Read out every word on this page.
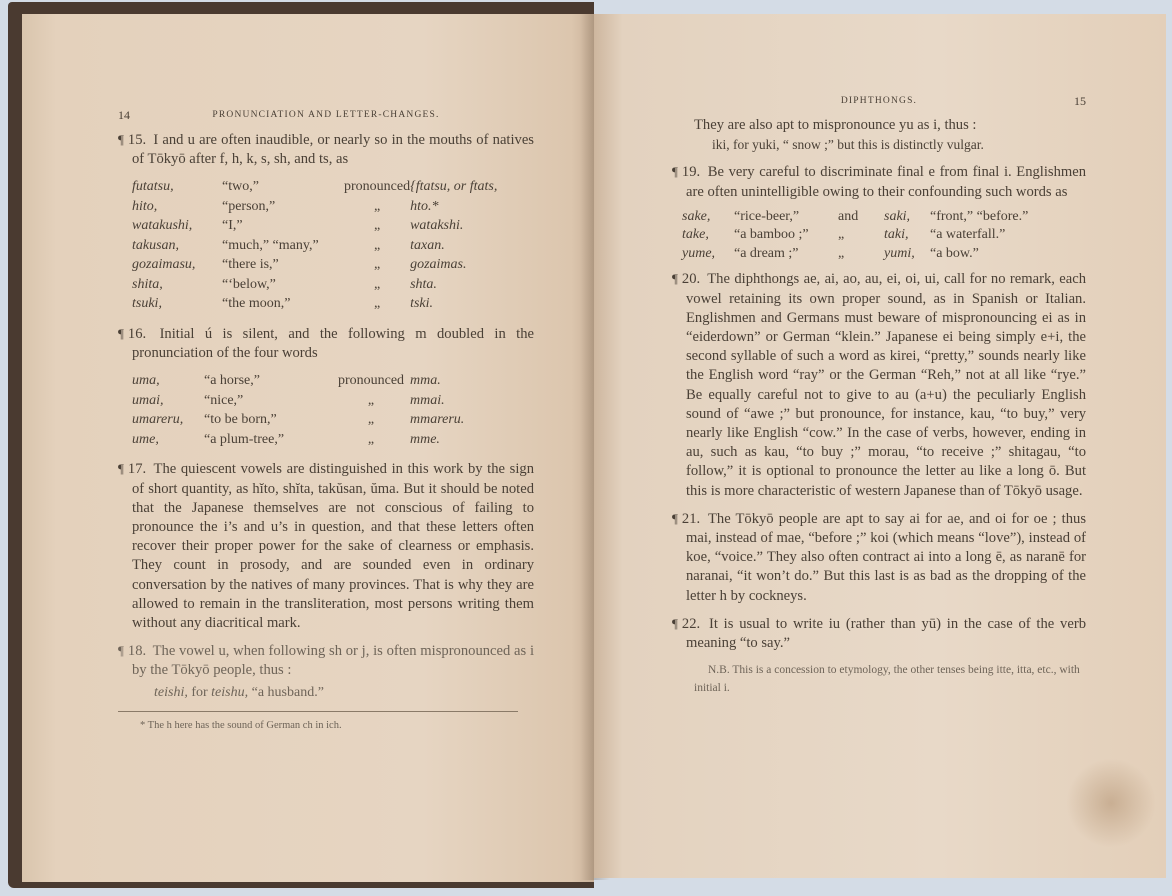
14	PRONUNCIATION AND LETTER-CHANGES.

¶ 15. I and u are often inaudible, or nearly so in the mouths of natives of Tōkyō after f, h, k, s, sh, and ts, as

futatsu,	“two,”	pronounced	{ftatsu, or ftats,
hito,	“person,”	„	hto.*
watakushi,	“I,”	„	watakshi.
takusan,	“much,” “many,”	„	taxan.
gozaimasu,	“there is,”	„	gozaimas.
shita,	“‘below,”	„	shta.
tsuki,	“the moon,”	„	tski.

¶ 16. Initial ú is silent, and the following m doubled in the pronunciation of the four words

uma,	“a horse,”	pronounced	mma.
umai,	“nice,”	„	mmai.
umareru,	“to be born,”	„	mmareru.
ume,	“a plum-tree,”	„	mme.

¶ 17. The quiescent vowels are distinguished in this work by the sign of short quantity, as hĭto, shĭta, takŭsan, ŭma. But it should be noted that the Japanese themselves are not conscious of failing to pronounce the i’s and u’s in question, and that these letters often recover their proper power for the sake of clearness or emphasis. They count in prosody, and are sounded even in ordinary conversation by the natives of many provinces. That is why they are allowed to remain in the transliteration, most persons writing them without any diacritical mark.

¶ 18. The vowel u, when following sh or j, is often mispronounced as i by the Tōkyō people, thus :

teishi, for teishu, “a husband.”
* The h here has the sound of German ch in ich.
DIPHTHONGS.	15

They are also apt to mispronounce yu as i, thus :

iki, for yuki, “ snow ;” but this is distinctly vulgar.

¶ 19. Be very careful to discriminate final e from final i. Englishmen are often unintelligible owing to their confounding such words as

sake,	“rice-beer,”	and	saki,	“front,” “before.”
take,	“a bamboo ;”	„	taki,	“a waterfall.”
yume,	“a dream ;”	„	yumi,	“a bow.”

¶ 20. The diphthongs ae, ai, ao, au, ei, oi, ui, call for no remark, each vowel retaining its own proper sound, as in Spanish or Italian. Englishmen and Germans must beware of mispronouncing ei as in “eiderdown” or German “klein.” Japanese ei being simply e+i, the second syllable of such a word as kirei, “pretty,” sounds nearly like the English word “ray” or the German “Reh,” not at all like “rye.” Be equally careful not to give to au (a+u) the peculiarly English sound of “awe ;” but pronounce, for instance, kau, “to buy,” very nearly like English “cow.” In the case of verbs, however, ending in au, such as kau, “to buy ;” morau, “to receive ;” shitagau, “to follow,” it is optional to pronounce the letter au like a long ō. But this is more characteristic of western Japanese than of Tōkyō usage.

¶ 21. The Tōkyō people are apt to say ai for ae, and oi for oe ; thus mai, instead of mae, “before ;” koi (which means “love”), instead of koe, “voice.” They also often contract ai into a long ē, as naranē for naranai, “it won’t do.” But this last is as bad as the dropping of the letter h by cockneys.

¶ 22. It is usual to write iu (rather than yū) in the case of the verb meaning “to say.”

N.B. This is a concession to etymology, the other tenses being itte, itta, etc., with initial i.
